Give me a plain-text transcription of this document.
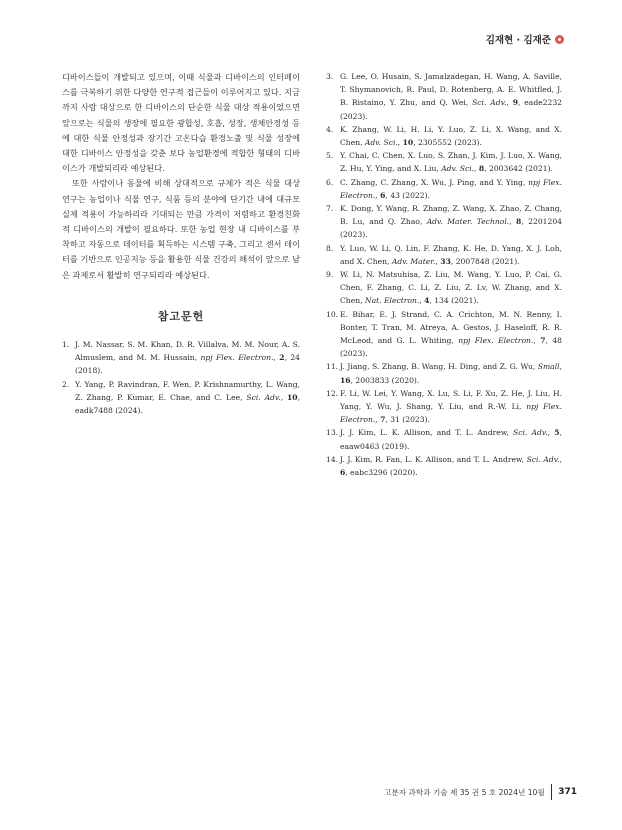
김재현 · 김재준

디바이스들이 개발되고 있으며, 이때 식물과 디바이스의 인터페이스를 극복하기 위한 다양한 연구적 접근들이 이루어지고 있다. 지금까지 사람 대상으로 한 디바이스의 단순한 식물 대상 적용이었으면 앞으로는 식물의 생장에 필요한 광합성, 호흡, 성장, 생체안정성 등에 대한 식물 안정성과 장기간 고온다습 환경노출 및 식물 성장에 대한 디바이스 안정성을 갖춘 보다 농업환경에 적합한 형태의 디바이스가 개발되리라 예상된다.

또한 사람이나 동물에 비해 상대적으로 규제가 적은 식물 대상 연구는 농업이나 식물 연구, 식품 등의 분야에 단기간 내에 대규모 실제 적용이 가능하리라 기대되는 만큼 가격이 저렴하고 환경친화적 디바이스의 개발이 필요하다. 또한 농업 현장 내 디바이스를 부착하고 자동으로 데이터를 획득하는 시스템 구축, 그리고 센서 데이터를 기반으로 인공지능 등을 활용한 식물 건강의 해석이 앞으로 남은 과제로서 활발히 연구되리라 예상된다.

참고문헌
1. J. M. Nassar, S. M. Khan, D. R. Villalva, M. M. Nour, A. S. Almuslem, and M. M. Hussain, npj Flex. Electron., 2, 24 (2018).
2. Y. Yang, P. Ravindran, F. Wen, P. Krishnamurthy, L. Wang, Z. Zhang, P. Kumar, E. Chae, and C. Lee, Sci. Adv., 10, eadk7488 (2024).
3. G. Lee, O. Husain, S. Jamalzadegan, H. Wang, A. Saville, T. Shymanovich, R. Paul, D. Rotenberg, A. E. Whitfled, J. B. Ristaino, Y. Zhu, and Q. Wei, Sci. Adv., 9, eade2232 (2023).
4. K. Zhang, W. Li, H. Li, Y. Luo, Z. Li, X. Wang, and X. Chen, Adv. Sci., 10, 2305552 (2023).
5. Y. Chai, C. Chen, X. Luo, S. Zhan, J. Kim, J. Luo, X. Wang, Z. Hu, Y. Ying, and X. Liu, Adv. Sci., 8, 2003642 (2021).
6. C. Zhang, C. Zhang, X. Wu, J. Ping, and Y. Ying, npj Flex. Electron., 6, 43 (2022).
7. K. Dong, Y. Wang, R. Zhang, Z. Wang, X. Zhao, Z. Chang, B. Lu, and Q. Zhao, Adv. Mater. Technol., 8, 2201204 (2023).
8. Y. Luo, W. Li, Q. Lin, F. Zhang, K. He, D. Yang, X. J. Loh, and X. Chen, Adv. Mater., 33, 2007848 (2021).
9. W. Li, N. Matsuhisa, Z. Liu, M. Wang, Y. Luo, P. Cai, G. Chen, F. Zhang, C. Li, Z. Liu, Z. Lv, W. Zhang, and X. Chen, Nat. Electron., 4, 134 (2021).
10. E. Bihar, E. J. Strand, C. A. Crichton, M. N. Renny, I. Bonter, T. Tran, M. Atreya, A. Gestos, J. Haseloff, R. R. McLeod, and G. L. Whiting, npj Flex. Electron., 7, 48 (2023).
11. J. Jiang, S. Zhang, B. Wang, H. Ding, and Z. G. Wu, Small, 16, 2003833 (2020).
12. F. Li, W. Lei, Y. Wang, X. Lu, S. Li, F. Xu, Z. He, J. Liu, H. Yang, Y. Wu, J. Shang, Y. Liu, and R.-W. Li, npj Flex. Electron., 7, 31 (2023).
13. J. J. Kim, L. K. Allison, and T. L. Andrew, Sci. Adv., 5, eaaw0463 (2019).
14. J. J. Kim, R. Fan, L. K. Allison, and T. L. Andrew, Sci. Adv., 6, eabc3296 (2020).
고분자 과학과 기술 제 35 권 5 호 2024년 10월 371
